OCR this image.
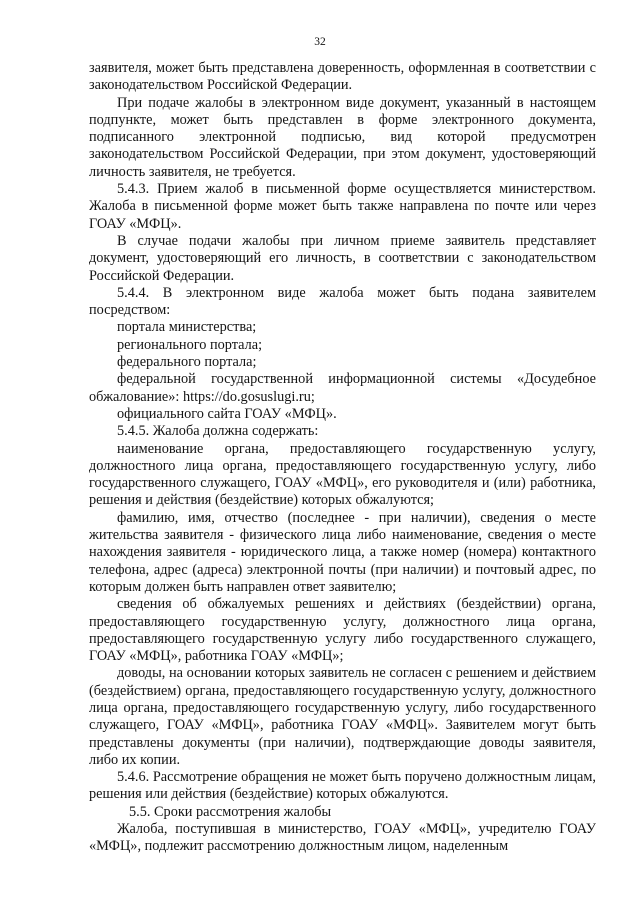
32

заявителя, может быть представлена доверенность, оформленная в соответствии с законодательством Российской Федерации.

При подаче жалобы в электронном виде документ, указанный в настоящем подпункте, может быть представлен в форме электронного документа, подписанного электронной подписью, вид которой предусмотрен законодательством Российской Федерации, при этом документ, удостоверяющий личность заявителя, не требуется.

5.4.3. Прием жалоб в письменной форме осуществляется министерством. Жалоба в письменной форме может быть также направлена по почте или через ГОАУ «МФЦ».

В случае подачи жалобы при личном приеме заявитель представляет документ, удостоверяющий его личность, в соответствии с законодательством Российской Федерации.

5.4.4. В электронном виде жалоба может быть подана заявителем посредством:

портала министерства;

регионального портала;

федерального портала;

федеральной государственной информационной системы «Досудебное обжалование»: https://do.gosuslugi.ru;

официального сайта ГОАУ «МФЦ».

5.4.5. Жалоба должна содержать:

наименование органа, предоставляющего государственную услугу, должностного лица органа, предоставляющего государственную услугу, либо государственного служащего, ГОАУ «МФЦ», его руководителя и (или) работника, решения и действия (бездействие) которых обжалуются;

фамилию, имя, отчество (последнее - при наличии), сведения о месте жительства заявителя - физического лица либо наименование, сведения о месте нахождения заявителя - юридического лица, а также номер (номера) контактного телефона, адрес (адреса) электронной почты (при наличии) и почтовый адрес, по которым должен быть направлен ответ заявителю;

сведения об обжалуемых решениях и действиях (бездействии) органа, предоставляющего государственную услугу, должностного лица органа, предоставляющего государственную услугу либо государственного служащего, ГОАУ «МФЦ», работника ГОАУ «МФЦ»;

доводы, на основании которых заявитель не согласен с решением и действием (бездействием) органа, предоставляющего государственную услугу, должностного лица органа, предоставляющего государственную услугу, либо государственного служащего, ГОАУ «МФЦ», работника ГОАУ «МФЦ». Заявителем могут быть представлены документы (при наличии), подтверждающие доводы заявителя, либо их копии.

5.4.6. Рассмотрение обращения не может быть поручено должностным лицам, решения или действия (бездействие) которых обжалуются.

5.5. Сроки рассмотрения жалобы

Жалоба, поступившая в министерство, ГОАУ «МФЦ», учредителю ГОАУ «МФЦ», подлежит рассмотрению должностным лицом, наделенным
